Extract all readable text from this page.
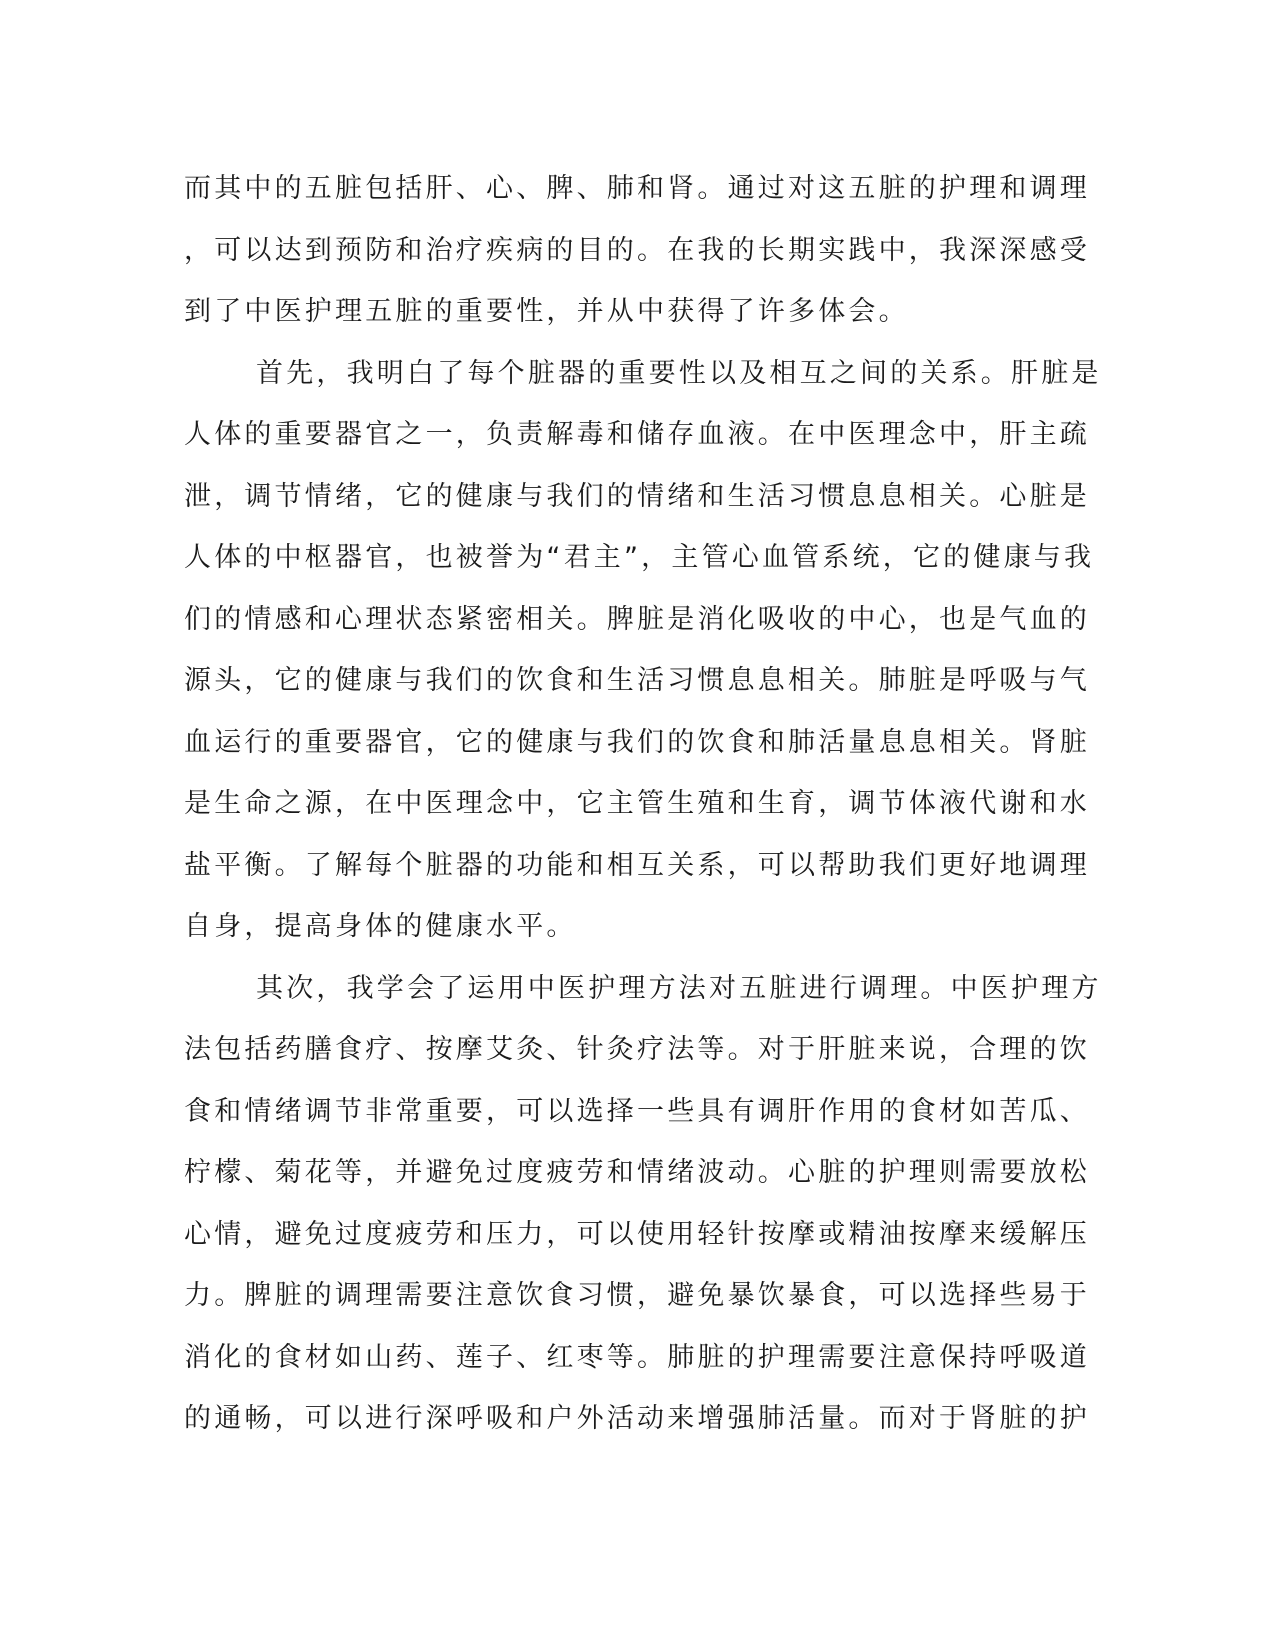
而其中的五脏包括肝、心、脾、肺和肾。通过对这五脏的护理和调理
，可以达到预防和治疗疾病的目的。在我的长期实践中，我深深感受
到了中医护理五脏的重要性，并从中获得了许多体会。
首先，我明白了每个脏器的重要性以及相互之间的关系。肝脏是
人体的重要器官之一，负责解毒和储存血液。在中医理念中，肝主疏
泄，调节情绪，它的健康与我们的情绪和生活习惯息息相关。心脏是
人体的中枢器官，也被誉为“君主”，主管心血管系统，它的健康与我
们的情感和心理状态紧密相关。脾脏是消化吸收的中心，也是气血的
源头，它的健康与我们的饮食和生活习惯息息相关。肺脏是呼吸与气
血运行的重要器官，它的健康与我们的饮食和肺活量息息相关。肾脏
是生命之源，在中医理念中，它主管生殖和生育，调节体液代谢和水
盐平衡。了解每个脏器的功能和相互关系，可以帮助我们更好地调理
自身，提高身体的健康水平。
其次，我学会了运用中医护理方法对五脏进行调理。中医护理方
法包括药膳食疗、按摩艾灸、针灸疗法等。对于肝脏来说，合理的饮
食和情绪调节非常重要，可以选择一些具有调肝作用的食材如苦瓜、
柠檬、菊花等，并避免过度疲劳和情绪波动。心脏的护理则需要放松
心情，避免过度疲劳和压力，可以使用轻针按摩或精油按摩来缓解压
力。脾脏的调理需要注意饮食习惯，避免暴饮暴食，可以选择些易于
消化的食材如山药、莲子、红枣等。肺脏的护理需要注意保持呼吸道
的通畅，可以进行深呼吸和户外活动来增强肺活量。而对于肾脏的护
